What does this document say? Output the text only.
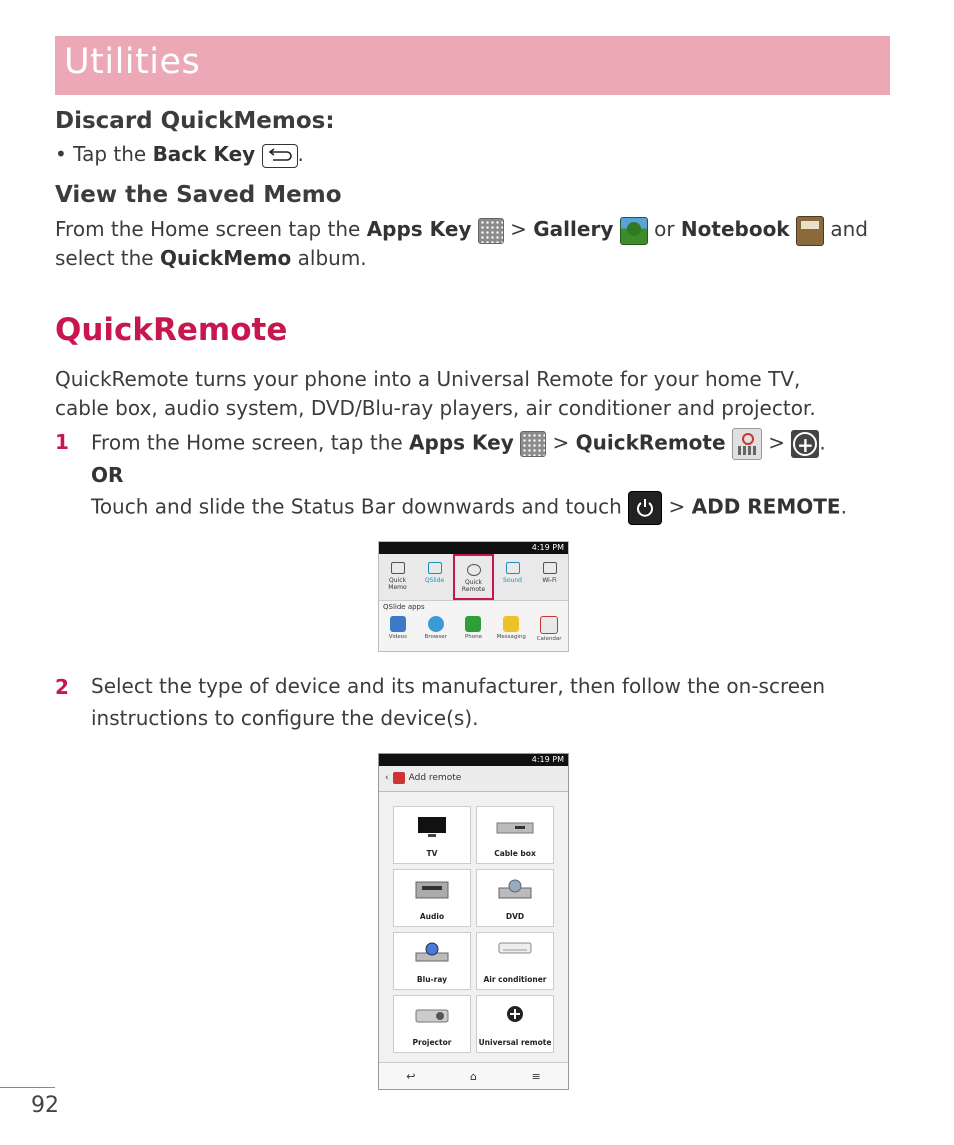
Utilities
Discard QuickMemos:

• Tap the Back Key .

View the Saved Memo

From the Home screen tap the Apps Key  > Gallery  or Notebook  and

select the QuickMemo album.

QuickRemote

QuickRemote turns your phone into a Universal Remote for your home TV,

cable box, audio system, DVD/Blu-ray players, air conditioner and projector.

1 From the Home screen, tap the Apps Key  > QuickRemote  > +.

OR

Touch and slide the Status Bar downwards and touch
> ADD REMOTE.

4:19 PM
Quick Memo
QSlide	Quick Remote
Sound	Wi-Fi
QSlide apps
Videos	Browser	Phone	Messaging	Calendar
2 Select the type of device and its manufacturer, then follow the on-screen

instructions to configure the device(s).

4:19 PM
‹ Add remote
TV	Cable box
Audio	DVD
Blu-ray	Air conditioner
Projector	Universal remote
↩	⌂	≡
92
